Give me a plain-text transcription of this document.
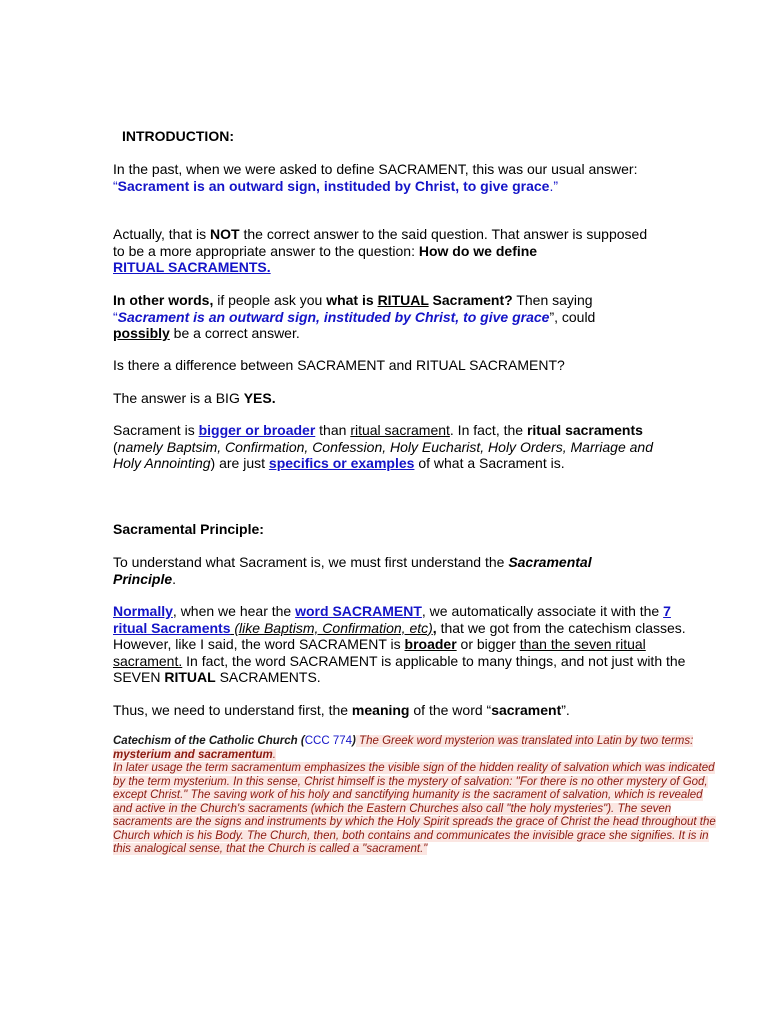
INTRODUCTION:
In the past, when we were asked to define SACRAMENT, this was our usual answer:
“Sacrament is an outward sign, instituded by Christ, to give grace.”
Actually, that is NOT the correct answer to the said question. That answer is supposed to be a more appropriate answer to the question: How do we define
RITUAL SACRAMENTS.
In other words, if people ask you what is RITUAL Sacrament? Then saying “Sacrament is an outward sign, instituded by Christ, to give grace”, could possibly be a correct answer.
Is there a difference between SACRAMENT and RITUAL SACRAMENT?
The answer is a BIG YES.
Sacrament is bigger or broader than ritual sacrament. In fact, the ritual sacraments (namely Baptsim, Confirmation, Confession, Holy Eucharist, Holy Orders, Marriage and Holy Annointing) are just specifics or examples of what a Sacrament is.
Sacramental Principle:
To understand what Sacrament is, we must first understand the Sacramental Principle.
Normally, when we hear the word SACRAMENT, we automatically associate it with the 7 ritual Sacraments (like Baptism, Confirmation, etc), that we got from the catechism classes. However, like I said, the word SACRAMENT is broader or bigger than the seven ritual sacrament. In fact, the word SACRAMENT is applicable to many things, and not just with the SEVEN RITUAL SACRAMENTS.
Thus, we need to understand first, the meaning of the word “sacrament”.
Catechism of the Catholic Church (CCC 774) The Greek word mysterion was translated into Latin by two terms: mysterium and sacramentum.
In later usage the term sacramentum emphasizes the visible sign of the hidden reality of salvation which was indicated by the term mysterium. In this sense, Christ himself is the mystery of salvation: "For there is no other mystery of God, except Christ." The saving work of his holy and sanctifying humanity is the sacrament of salvation, which is revealed and active in the Church's sacraments (which the Eastern Churches also call "the holy mysteries"). The seven sacraments are the signs and instruments by which the Holy Spirit spreads the grace of Christ the head throughout the Church which is his Body. The Church, then, both contains and communicates the invisible grace she signifies. It is in this analogical sense, that the Church is called a "sacrament."
